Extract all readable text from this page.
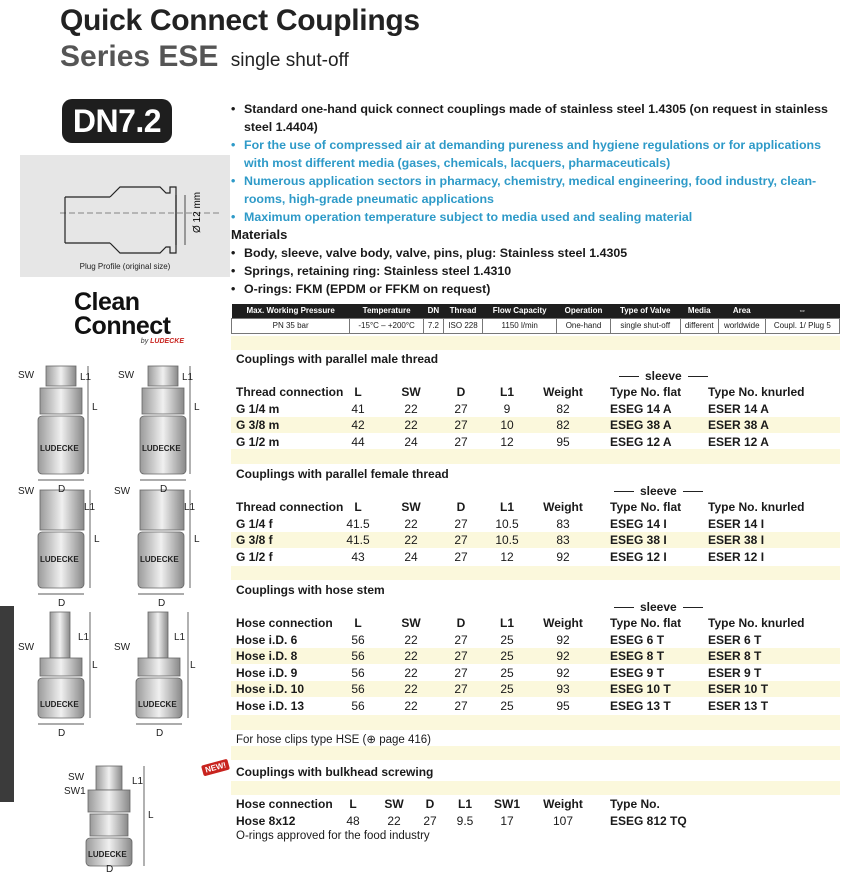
Quick Connect Couplings
Series ESE single shut-off
DN7.2
Ø 12 mm
Plug Profile (original size)
Clean
Connect
by LUDECKE
LUDECKE	LUDECKE
LUDECKE	LUDECKE
LUDECKE	LUDECKE
LUDECKE
SW	SW
L1	L1
L	L
D	D
SW	SW
L1	L1
L	L
D	D
SW	SW
L1	L1
L	L
D	D
SW
SW1
L1
L
D
• Standard one-hand quick connect couplings made of stainless steel 1.4305 (on request in stainless steel 1.4404)
• For the use of compressed air at demanding pureness and hygiene regulations or for applications with most different media (gases, chemicals, lacquers, pharmaceuticals)
• Numerous application sectors in pharmacy, chemistry, medical engineering, food industry, clean-rooms, high-grade pneumatic applications
• Maximum operation temperature subject to media used and sealing material
Materials
• Body, sleeve, valve body, valve, pins, plug: Stainless steel 1.4305
• Springs, retaining ring: Stainless steel 1.4310
• O-rings: FKM (EPDM or FFKM on request)
Max. Working Pressure	Temperature	DN	Thread	Flow Capacity	Operation	Type of Valve	Media	Area	⇔
PN 35 bar	-15°C – +200°C	7.2	ISO 228	1150 l/min	One-hand	single shut-off	different	worldwide	Coupl. 1/ Plug 5
Couplings with parallel male thread
sleeve
Thread connection L	SW	D	L1	Weight	Type No. flat Type No. knurled
G 1/4 m	41	22	27	9	82	ESEG 14 A	ESER 14 A
G 3/8 m	42	22	27	10	82	ESEG 38 A	ESER 38 A
G 1/2 m	44	24	27	12	95	ESEG 12 A	ESER 12 A
Couplings with parallel female thread
sleeve
Thread connection L	SW	D	L1	Weight	Type No. flat Type No. knurled
G 1/4 f	41.5	22	27	10.5	83	ESEG 14 I	ESER 14 I
G 3/8 f	41.5	22	27	10.5	83	ESEG 38 I	ESER 38 I
G 1/2 f	43	24	27	12	92	ESEG 12 I	ESER 12 I
Couplings with hose stem
sleeve
Hose connection	L	SW	D	L1	Weight	Type No. flat Type No. knurled
Hose i.D. 6	56	22	27	25	92	ESEG 6 T	ESER 6 T
Hose i.D. 8	56	22	27	25	92	ESEG 8 T	ESER 8 T
Hose i.D. 9	56	22	27	25	92	ESEG 9 T	ESER 9 T
Hose i.D. 10	56	22	27	25	93	ESEG 10 T	ESER 10 T
Hose i.D. 13	56	22	27	25	95	ESEG 13 T	ESER 13 T
For hose clips type HSE (⊕ page 416)
NEW! Couplings with bulkhead screwing
Hose connection	L	SW	D	L1	SW1	Weight	Type No.
Hose 8x12	48	22	27	9.5	17	107	ESEG 812 TQ
O-rings approved for the food industry
